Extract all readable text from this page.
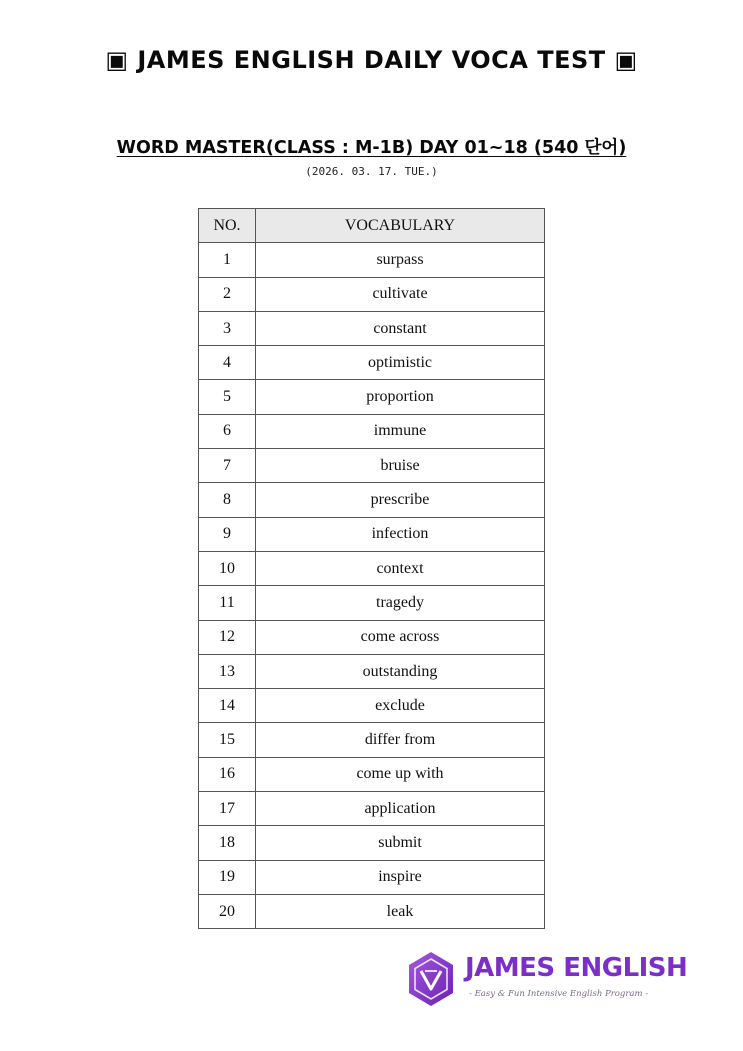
▣ JAMES ENGLISH DAILY VOCA TEST ▣
WORD MASTER(CLASS : M-1B) DAY 01~18 (540 단어)
(2026. 03. 17. TUE.)
NO.	VOCABULARY
1	surpass
2	cultivate
3	constant
4	optimistic
5	proportion
6	immune
7	bruise
8	prescribe
9	infection
10	context
11	tragedy
12	come across
13	outstanding
14	exclude
15	differ from
16	come up with
17	application
18	submit
19	inspire
20	leak
JAMES ENGLISH
- Easy & Fun Intensive English Program -
